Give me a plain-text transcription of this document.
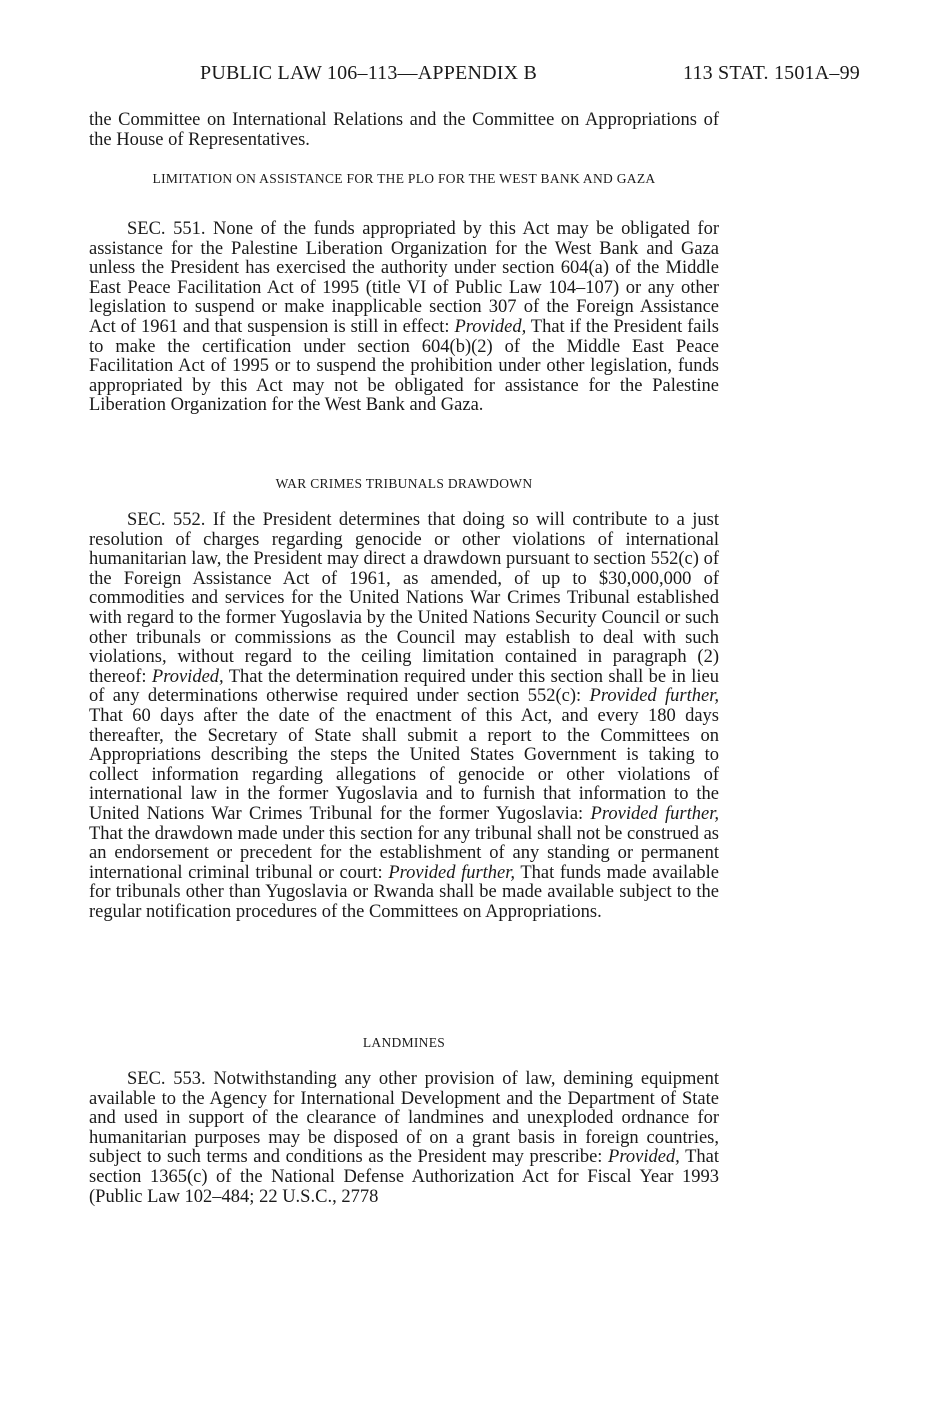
PUBLIC LAW 106–113—APPENDIX B	113 STAT. 1501A–99

the Committee on International Relations and the Committee on Appropriations of the House of Representatives.

LIMITATION ON ASSISTANCE FOR THE PLO FOR THE WEST BANK AND GAZA

SEC. 551. None of the funds appropriated by this Act may be obligated for assistance for the Palestine Liberation Organization for the West Bank and Gaza unless the President has exercised the authority under section 604(a) of the Middle East Peace Facilitation Act of 1995 (title VI of Public Law 104–107) or any other legislation to suspend or make inapplicable section 307 of the Foreign Assistance Act of 1961 and that suspension is still in effect: Provided, That if the President fails to make the certification under section 604(b)(2) of the Middle East Peace Facilitation Act of 1995 or to suspend the prohibition under other legislation, funds appropriated by this Act may not be obligated for assistance for the Palestine Liberation Organization for the West Bank and Gaza.

WAR CRIMES TRIBUNALS DRAWDOWN

SEC. 552. If the President determines that doing so will contribute to a just resolution of charges regarding genocide or other violations of international humanitarian law, the President may direct a drawdown pursuant to section 552(c) of the Foreign Assistance Act of 1961, as amended, of up to $30,000,000 of commodities and services for the United Nations War Crimes Tribunal established with regard to the former Yugoslavia by the United Nations Security Council or such other tribunals or commissions as the Council may establish to deal with such violations, without regard to the ceiling limitation contained in paragraph (2) thereof: Provided, That the determination required under this section shall be in lieu of any determinations otherwise required under section 552(c): Provided further, That 60 days after the date of the enactment of this Act, and every 180 days thereafter, the Secretary of State shall submit a report to the Committees on Appropriations describing the steps the United States Government is taking to collect information regarding allegations of genocide or other violations of international law in the former Yugoslavia and to furnish that information to the United Nations War Crimes Tribunal for the former Yugoslavia: Provided further, That the drawdown made under this section for any tribunal shall not be construed as an endorsement or precedent for the establishment of any standing or permanent international criminal tribunal or court: Provided further, That funds made available for tribunals other than Yugoslavia or Rwanda shall be made available subject to the regular notification procedures of the Committees on Appropriations.

LANDMINES

SEC. 553. Notwithstanding any other provision of law, demining equipment available to the Agency for International Development and the Department of State and used in support of the clearance of landmines and unexploded ordnance for humanitarian purposes may be disposed of on a grant basis in foreign countries, subject to such terms and conditions as the President may prescribe: Provided, That section 1365(c) of the National Defense Authorization Act for Fiscal Year 1993 (Public Law 102–484; 22 U.S.C., 2778
